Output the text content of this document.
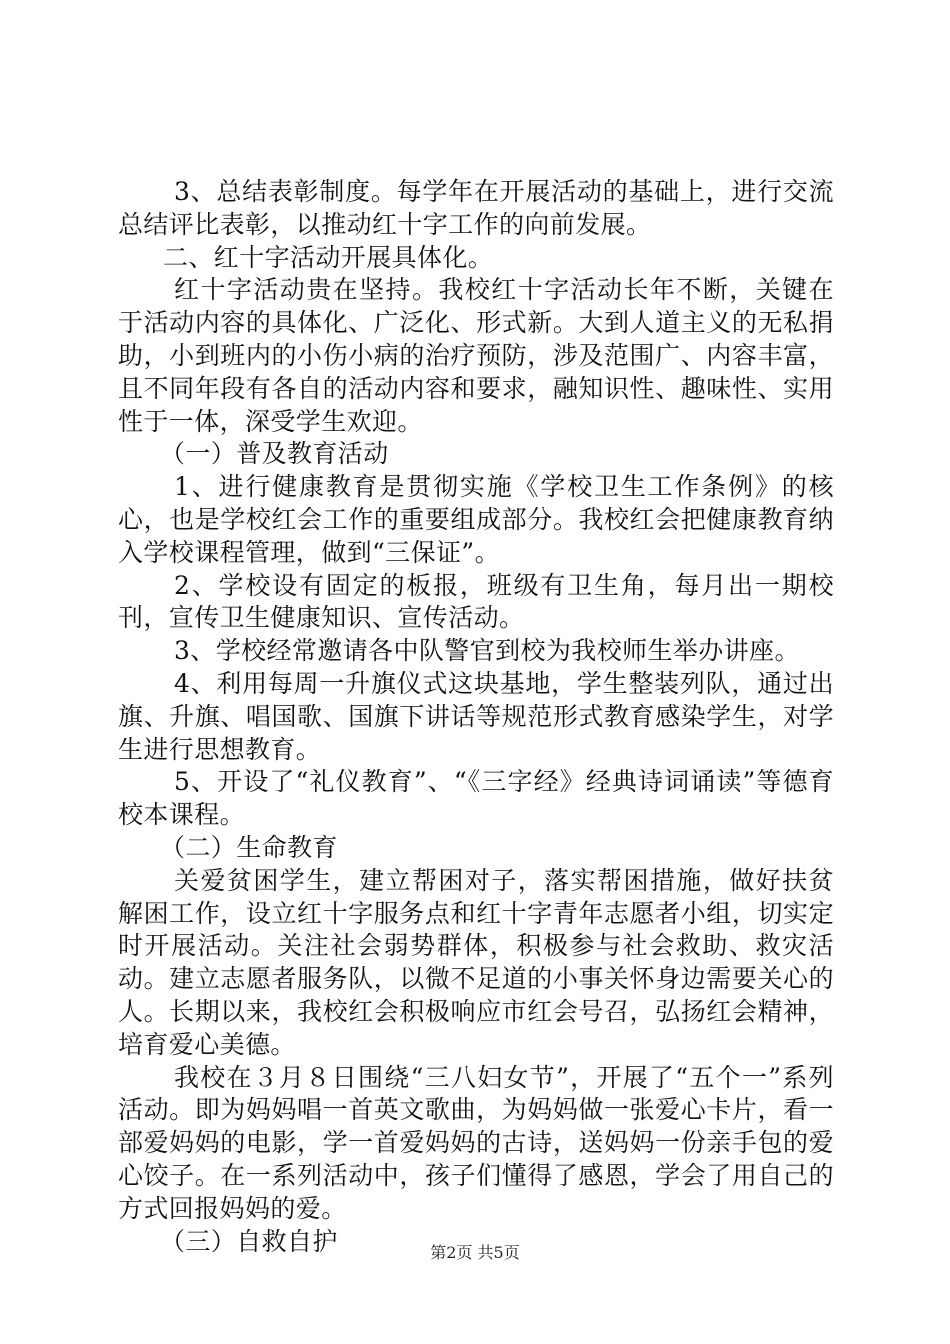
3、总结表彰制度。每学年在开展活动的基础上，进行交流总结评比表彰，以推动红十字工作的向前发展。

二、红十字活动开展具体化。

红十字活动贵在坚持。我校红十字活动长年不断，关键在于活动内容的具体化、广泛化、形式新。大到人道主义的无私捐助，小到班内的小伤小病的治疗预防，涉及范围广、内容丰富，且不同年段有各自的活动内容和要求，融知识性、趣味性、实用性于一体，深受学生欢迎。

（一）普及教育活动

1、进行健康教育是贯彻实施《学校卫生工作条例》的核心，也是学校红会工作的重要组成部分。我校红会把健康教育纳入学校课程管理，做到“三保证”。

2、学校设有固定的板报，班级有卫生角，每月出一期校刊，宣传卫生健康知识、宣传活动。

3、学校经常邀请各中队警官到校为我校师生举办讲座。

4、利用每周一升旗仪式这块基地，学生整装列队，通过出旗、升旗、唱国歌、国旗下讲话等规范形式教育感染学生，对学生进行思想教育。

5、开设了“礼仪教育”、“《三字经》经典诗词诵读”等德育校本课程。

（二）生命教育

关爱贫困学生，建立帮困对子，落实帮困措施，做好扶贫解困工作，设立红十字服务点和红十字青年志愿者小组，切实定时开展活动。关注社会弱势群体，积极参与社会救助、救灾活动。建立志愿者服务队，以微不足道的小事关怀身边需要关心的人。长期以来，我校红会积极响应市红会号召，弘扬红会精神，培育爱心美德。

我校在３月８日围绕“三八妇女节”，开展了“五个一”系列活动。即为妈妈唱一首英文歌曲，为妈妈做一张爱心卡片，看一部爱妈妈的电影，学一首爱妈妈的古诗，送妈妈一份亲手包的爱心饺子。在一系列活动中，孩子们懂得了感恩，学会了用自己的方式回报妈妈的爱。

（三）自救自护	第2页 共5页
